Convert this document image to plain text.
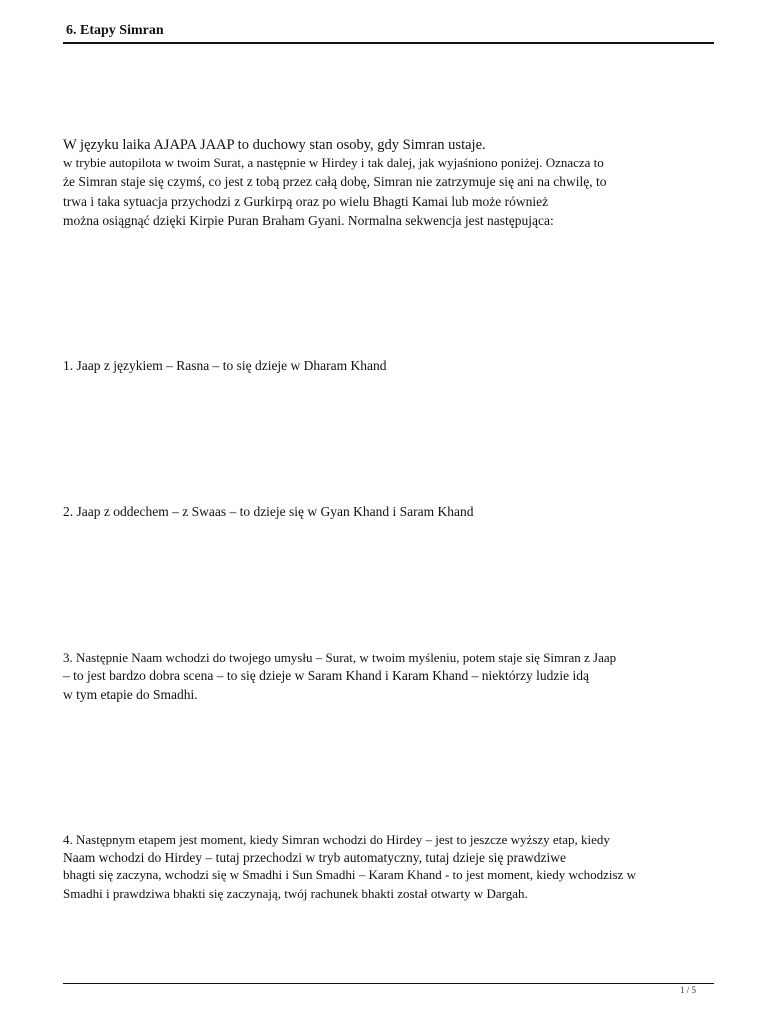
6. Etapy Simran
W języku laika AJAPA JAAP to duchowy stan osoby, gdy Simran ustaje.
w trybie autopilota w twoim Surat, a następnie w Hirdey i tak dalej, jak wyjaśniono poniżej. Oznacza to
że Simran staje się czymś, co jest z tobą przez całą dobę, Simran nie zatrzymuje się ani na chwilę, to
trwa i taka sytuacja przychodzi z Gurkirpą oraz po wielu Bhagti Kamai lub może również
można osiągnąć dzięki Kirpie Puran Braham Gyani. Normalna sekwencja jest następująca:
1. Jaap z językiem – Rasna – to się dzieje w Dharam Khand
2. Jaap z oddechem – z Swaas – to dzieje się w Gyan Khand i Saram Khand
3. Następnie Naam wchodzi do twojego umysłu – Surat, w twoim myśleniu, potem staje się Simran z Jaap
– to jest bardzo dobra scena – to się dzieje w Saram Khand i Karam Khand – niektórzy ludzie idą
w tym etapie do Smadhi.
4. Następnym etapem jest moment, kiedy Simran wchodzi do Hirdey – jest to jeszcze wyższy etap, kiedy
Naam wchodzi do Hirdey – tutaj przechodzi w tryb automatyczny, tutaj dzieje się prawdziwe
bhagti się zaczyna, wchodzi się w Smadhi i Sun Smadhi – Karam Khand - to jest moment, kiedy wchodzisz w
Smadhi i prawdziwa bhakti się zaczynają, twój rachunek bhakti został otwarty w Dargah.
1 / 5
